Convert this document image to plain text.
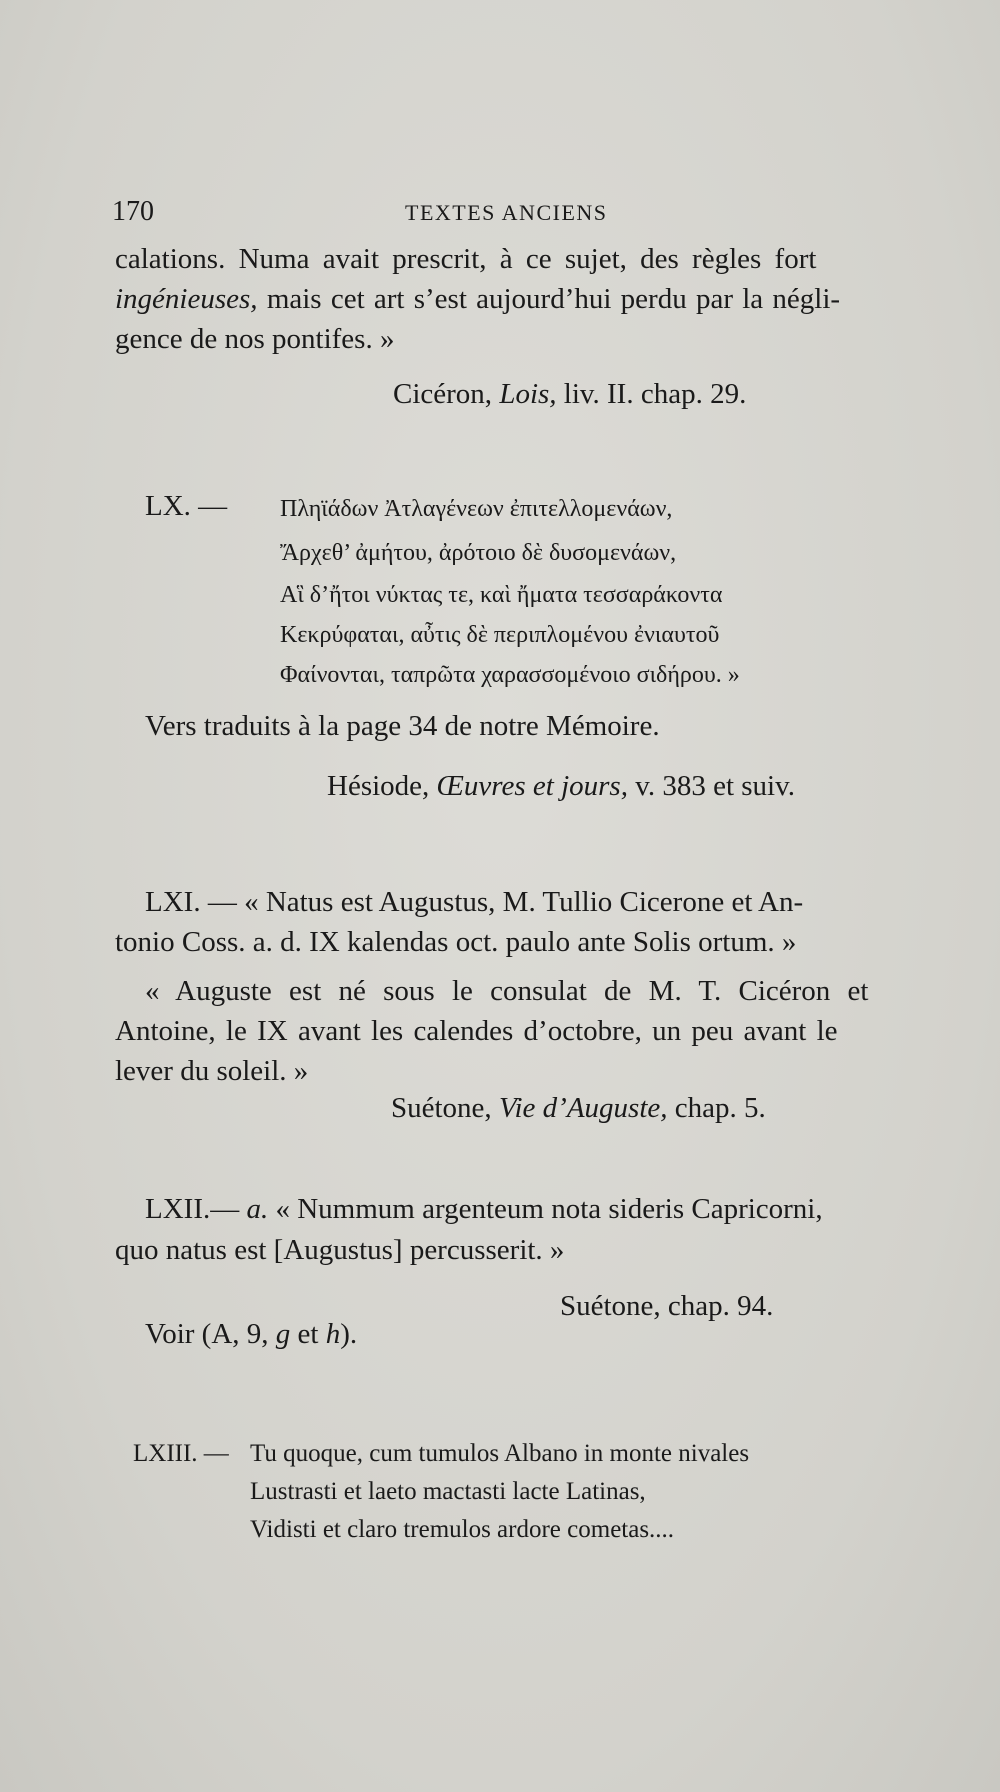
170	TEXTES ANCIENS
calations. Numa avait prescrit, à ce sujet, des règles fort
ingénieuses, mais cet art s’est aujourd’hui perdu par la négli-
gence de nos pontifes. »
Cicéron, Lois, liv. II. chap. 29.
LX. — Πληϊάδων Ἀτλαγένεων ἐπιτελλομενάων,
Ἄρχεθ’ ἀμήτου, ἀρότοιο δὲ δυσομενάων,
Αἳ δ’ἤτοι νύκτας τε, καὶ ἤματα τεσσαράκοντα
Κεκρύφαται, αὖτις δὲ περιπλομένου ἐνιαυτοῦ
Φαίνονται, ταπρῶτα χαρασσομένοιο σιδήρου. »
Vers traduits à la page 34 de notre Mémoire.
Hésiode, Œuvres et jours, v. 383 et suiv.
LXI. — « Natus est Augustus, M. Tullio Cicerone et An-
tonio Coss. a. d. IX kalendas oct. paulo ante Solis ortum. »
« Auguste est né sous le consulat de M. T. Cicéron et
Antoine, le IX avant les calendes d’octobre, un peu avant le
lever du soleil. »
Suétone, Vie d’Auguste, chap. 5.
LXII.— a. « Nummum argenteum nota sideris Capricorni,
quo natus est [Augustus] percusserit. »
Suétone, chap. 94.
Voir (A, 9, g et h).
LXIII. — Tu quoque, cum tumulos Albano in monte nivales
Lustrasti et laeto mactasti lacte Latinas,
Vidisti et claro tremulos ardore cometas....
